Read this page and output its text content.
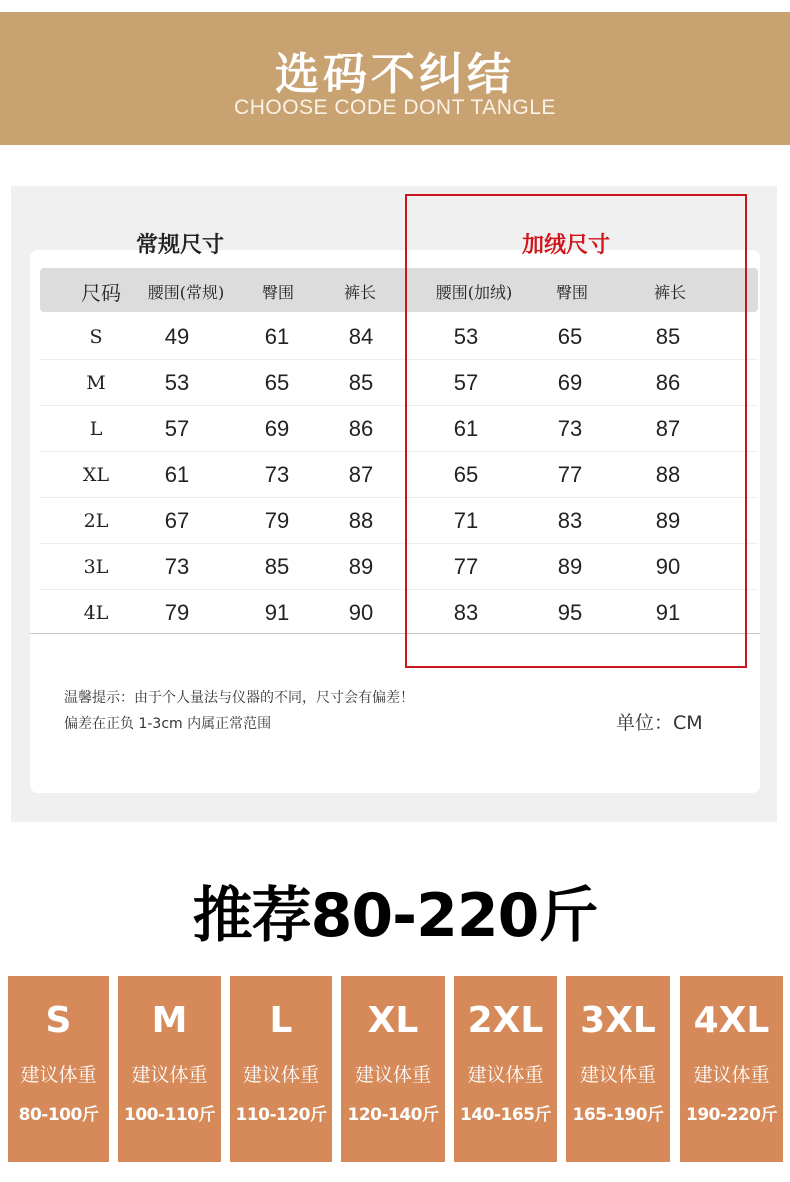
选码不纠结
CHOOSE CODE DONT TANGLE
常规尺寸	加绒尺寸
尺码 腰围(常规) 臀围	裤长	腰围(加绒)	臀围	裤长
S	49	61	84	53	65	85
M	53	65	85	57	69	86
L	57	69	86	61	73	87
XL	61	73	87	65	77	88
2L	67	79	88	71	83	89
3L	73	85	89	77	89	90
4L	79	91	90	83	95	91
温馨提示：由于个人量法与仪器的不同，尺寸会有偏差！
偏差在正负 1-3cm 内属正常范围	单位：CM
推荐80-220斤
S
建议体重
80-100斤
M
建议体重
100-110斤
L
建议体重
110-120斤
XL
建议体重
120-140斤
2XL
建议体重
140-165斤
3XL
建议体重
165-190斤
4XL
建议体重
190-220斤
